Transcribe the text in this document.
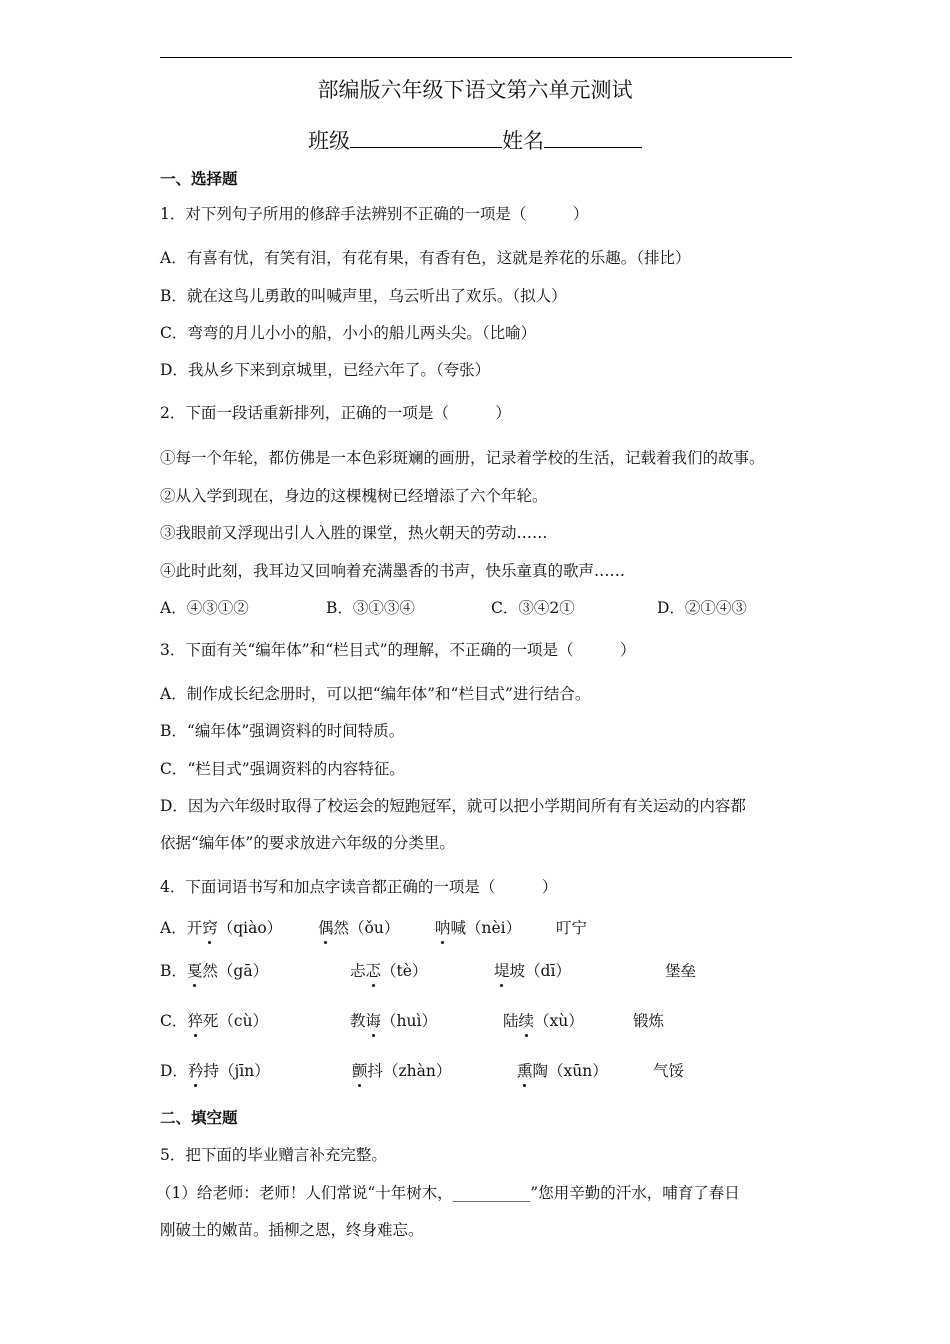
部编版六年级下语文第六单元测试
班级	姓名
一、选择题
1．对下列句子所用的修辞手法辨别不正确的一项是（　　　）
A．有喜有忧，有笑有泪，有花有果，有香有色，这就是养花的乐趣。（排比）
B．就在这鸟儿勇敢的叫喊声里，乌云听出了欢乐。（拟人）
C．弯弯的月儿小小的船，小小的船儿两头尖。（比喻）
D．我从乡下来到京城里，已经六年了。（夸张）
2．下面一段话重新排列，正确的一项是（　　　）
①每一个年轮，都仿佛是一本色彩斑斓的画册，记录着学校的生活，记载着我们的故事。
②从入学到现在，身边的这棵槐树已经增添了六个年轮。
③我眼前又浮现出引人入胜的课堂，热火朝天的劳动……
④此时此刻，我耳边又回响着充满墨香的书声，快乐童真的歌声……
A．④③①②	B．③①③④	C．③④2①	D．②①④③
3．下面有关“编年体”和“栏目式”的理解，不正确的一项是（　　　）
A．制作成长纪念册时，可以把“编年体”和“栏目式”进行结合。
B．“编年体”强调资料的时间特质。
C．“栏目式”强调资料的内容特征。
D．因为六年级时取得了校运会的短跑冠军，就可以把小学期间所有有关运动的内容都
依据“编年体”的要求放进六年级的分类里。
4．下面词语书写和加点字读音都正确的一项是（　　　）
A．开窍（qiào） 偶然（ǒu） 呐喊（nèi） 叮宁
B．戛然（gā）	忐忑（tè）	堤坡（dī）	堡垒
C．猝死（cù）	教诲（huì）	陆续（xù）	锻炼
D．矜持（jīn）	颤抖（zhàn）	熏陶（xūn）	气馁
二、填空题
5．把下面的毕业赠言补充完整。
（1）给老师：老师！人们常说“十年树木，__________”您用辛勤的汗水，哺育了春日
刚破土的嫩苗。插柳之恩，终身难忘。
